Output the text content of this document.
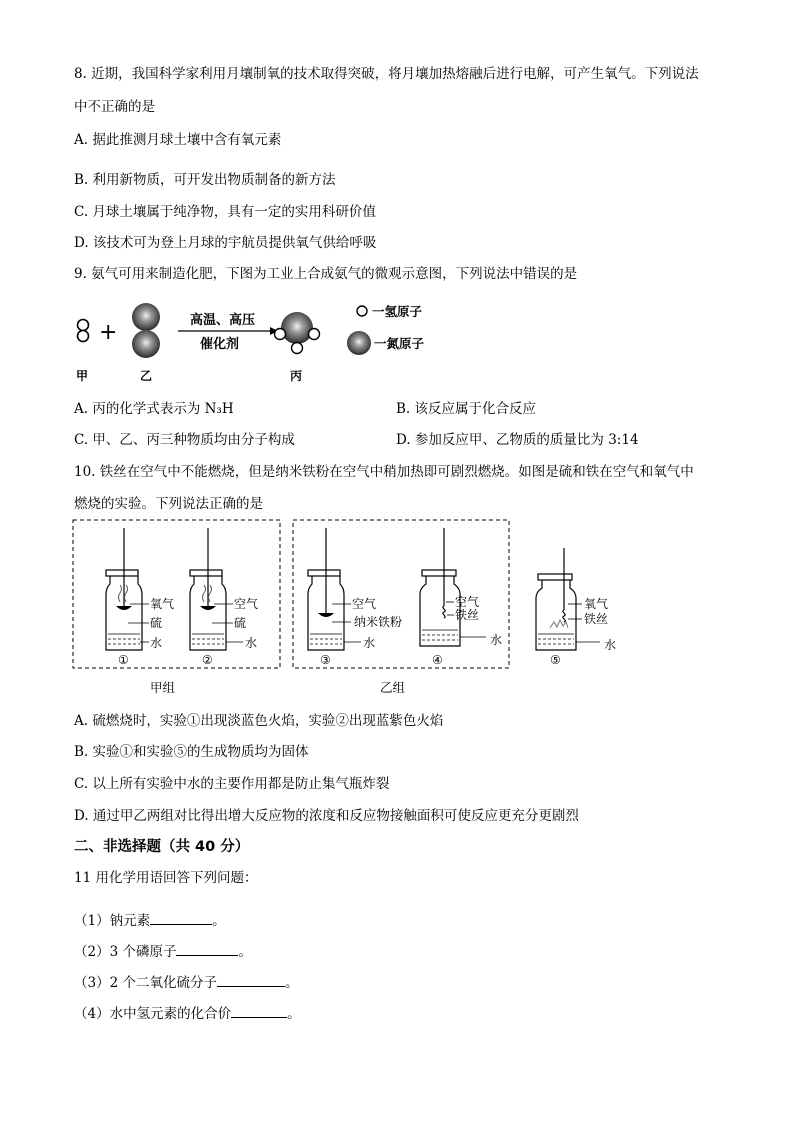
8. 近期，我国科学家利用月壤制氧的技术取得突破，将月壤加热熔融后进行电解，可产生氧气。下列说法
中不正确的是
A. 据此推测月球土壤中含有氧元素
B. 利用新物质，可开发出物质制备的新方法
C. 月球土壤属于纯净物，具有一定的实用科研价值
D. 该技术可为登上月球的宇航员提供氧气供给呼吸
9. 氨气可用来制造化肥，下图为工业上合成氨气的微观示意图，下列说法中错误的是
+	高温、高压
催化剂
甲	乙	丙
一氢原子
一氮原子
A. 丙的化学式表示为 N₃H	B. 该反应属于化合反应
C. 甲、乙、丙三种物质均由分子构成	D. 参加反应甲、乙物质的质量比为 3:14
10. 铁丝在空气中不能燃烧，但是纳米铁粉在空气中稍加热即可剧烈燃烧。如图是硫和铁在空气和氧气中
燃烧的实验。下列说法正确的是
氧气
硫
水
①
空气
硫
水
②
空气
纳米铁粉
水
③
空气
铁丝
水
④
氧气
铁丝
水
⑤
甲组	乙组
A. 硫燃烧时，实验①出现淡蓝色火焰，实验②出现蓝紫色火焰
B. 实验①和实验⑤的生成物质均为固体
C. 以上所有实验中水的主要作用都是防止集气瓶炸裂
D. 通过甲乙两组对比得出增大反应物的浓度和反应物接触面积可使反应更充分更剧烈
二、非选择题（共 40 分）
11 用化学用语回答下列问题：
（1）钠元素	。
（2）3 个磷原子	。
（3）2 个二氧化硫分子	。
（4）水中氢元素的化合价	。
